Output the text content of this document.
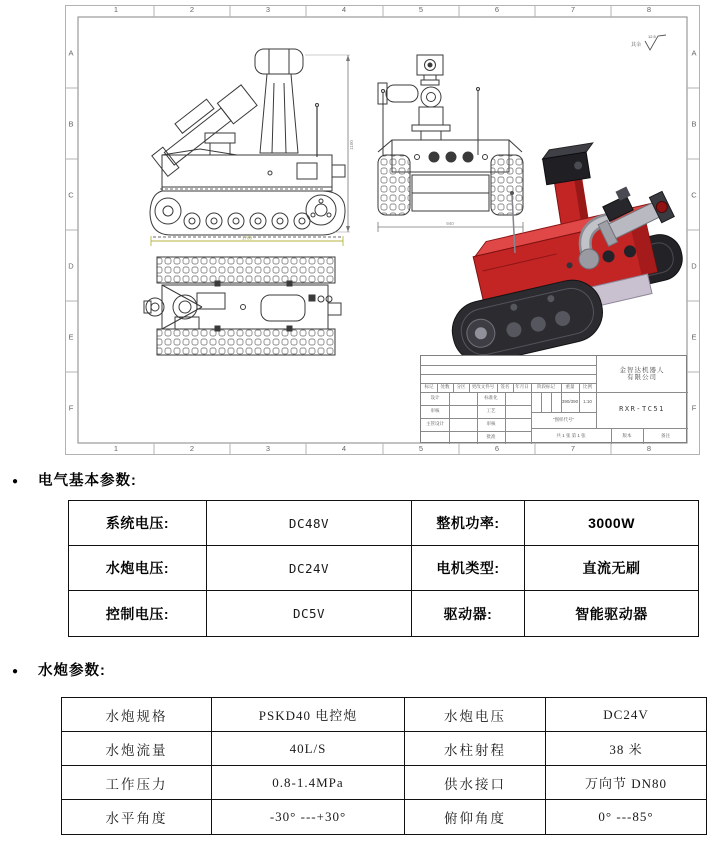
其余
12.5
1100
1700
940
1	2	3	4	5	6	7	8
1	2	3	4	5	6	7	8
A
B
C
D
E
F
A
B
C
D
E
F
标记	处数	分区	更改文件号	签名	年月日
设计	标准化
审核	工艺
主管设计	审核
批准
阶段标记	重量	比例
390/390	1:10
"图样代号"
共 1 张 第 1 张	版本	备注
金智达机器人
有限公司
RXR-TC51
● 电气基本参数:
系统电压:	DC48V	整机功率:	3000W
水炮电压:	DC24V	电机类型:	直流无刷
控制电压:	DC5V	驱动器:	智能驱动器
● 水炮参数:
水炮规格	PSKD40 电控炮	水炮电压	DC24V
水炮流量	40L/S	水柱射程	38 米
工作压力	0.8-1.4MPa	供水接口	万向节 DN80
水平角度	-30° ---+30°	俯仰角度	0° ---85°
